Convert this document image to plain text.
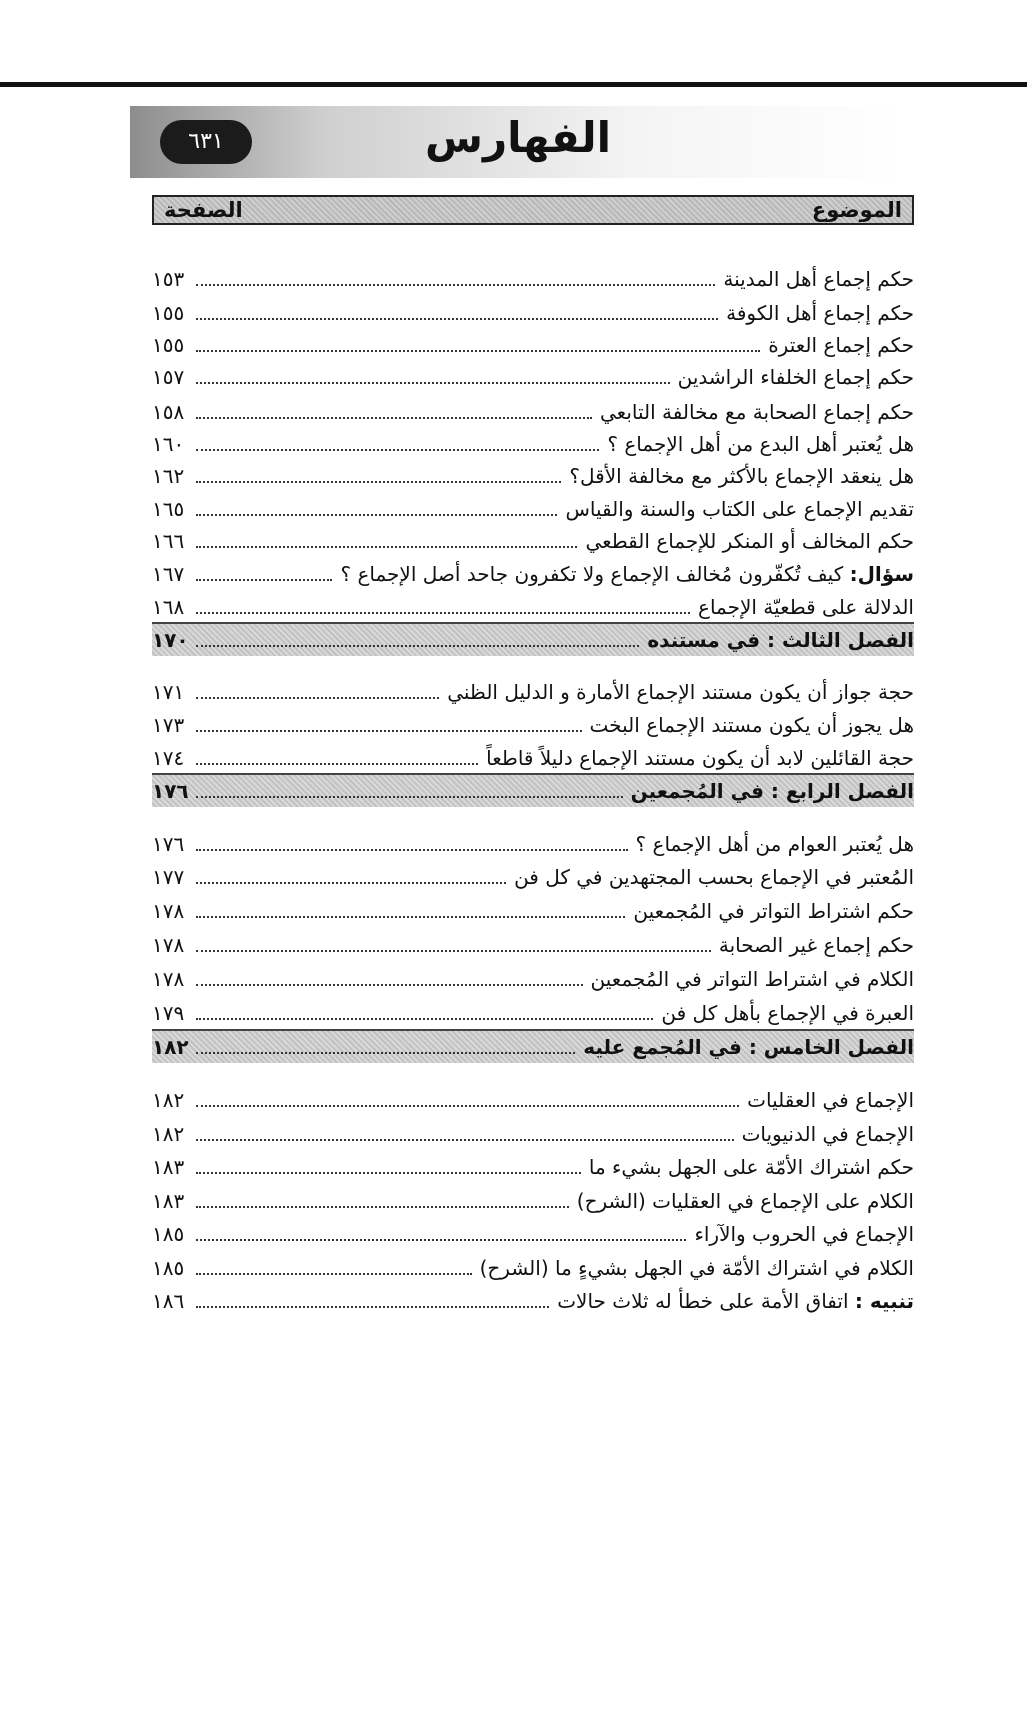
٦٣١	الفهارس
الصفحة	الموضوع
حكم إجماع أهل المدينة
١٥٣
حكم إجماع أهل الكوفة
١٥٥
حكم إجماع العترة
١٥٥
حكم إجماع الخلفاء الراشدين
١٥٧
حكم إجماع الصحابة مع مخالفة التابعي
١٥٨
هل يُعتبر أهل البدع من أهل الإجماع ؟
١٦٠
هل ينعقد الإجماع بالأكثر مع مخالفة الأقل؟
١٦٢
تقديم الإجماع على الكتاب والسنة والقياس
١٦٥
حكم المخالف أو المنكر للإجماع القطعي
١٦٦
سؤال: كيف تُكفّرون مُخالف الإجماع ولا تكفرون جاحد أصل الإجماع ؟
١٦٧
الدلالة على قطعيّة الإجماع
١٦٨
الفصل الثالث : في مستنده
١٧٠
حجة جواز أن يكون مستند الإجماع الأمارة و الدليل الظني
١٧١
هل يجوز أن يكون مستند الإجماع البخت
١٧٣
حجة القائلين لابد أن يكون مستند الإجماع دليلاً قاطعاً
١٧٤
الفصل الرابع : في المُجمعين
١٧٦
هل يُعتبر العوام من أهل الإجماع ؟
١٧٦
المُعتبر في الإجماع بحسب المجتهدين في كل فن
١٧٧
حكم اشتراط التواتر في المُجمعين
١٧٨
حكم إجماع غير الصحابة
١٧٨
الكلام في اشتراط التواتر في المُجمعين
١٧٨
العبرة في الإجماع بأهل كل فن
١٧٩
الفصل الخامس : في المُجمع عليه
١٨٢
الإجماع في العقليات
١٨٢
الإجماع في الدنيويات
١٨٢
حكم اشتراك الأمّة على الجهل بشيء ما
١٨٣
الكلام على الإجماع في العقليات (الشرح)
١٨٣
الإجماع في الحروب والآراء
١٨٥
الكلام في اشتراك الأمّة في الجهل بشيءٍ ما (الشرح)
١٨٥
تنبيه : اتفاق الأمة على خطأ له ثلاث حالات
١٨٦
